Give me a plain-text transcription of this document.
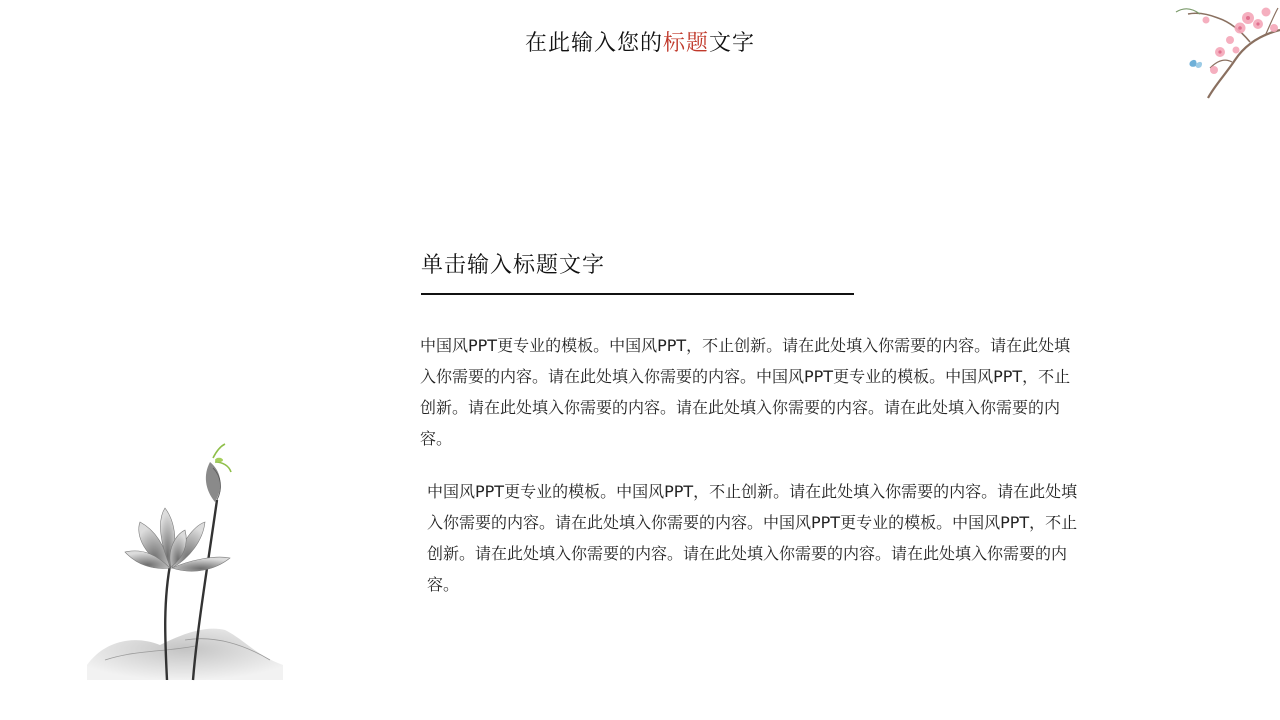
在此输入您的标题文字
单击输入标题文字

中国风PPT更专业的模板。中国风PPT，不止创新。请在此处填入你需要的内容。请在此处填入你需要的内容。请在此处填入你需要的内容。中国风PPT更专业的模板。中国风PPT，不止创新。请在此处填入你需要的内容。请在此处填入你需要的内容。请在此处填入你需要的内容。

中国风PPT更专业的模板。中国风PPT，不止创新。请在此处填入你需要的内容。请在此处填入你需要的内容。请在此处填入你需要的内容。中国风PPT更专业的模板。中国风PPT，不止创新。请在此处填入你需要的内容。请在此处填入你需要的内容。请在此处填入你需要的内容。
